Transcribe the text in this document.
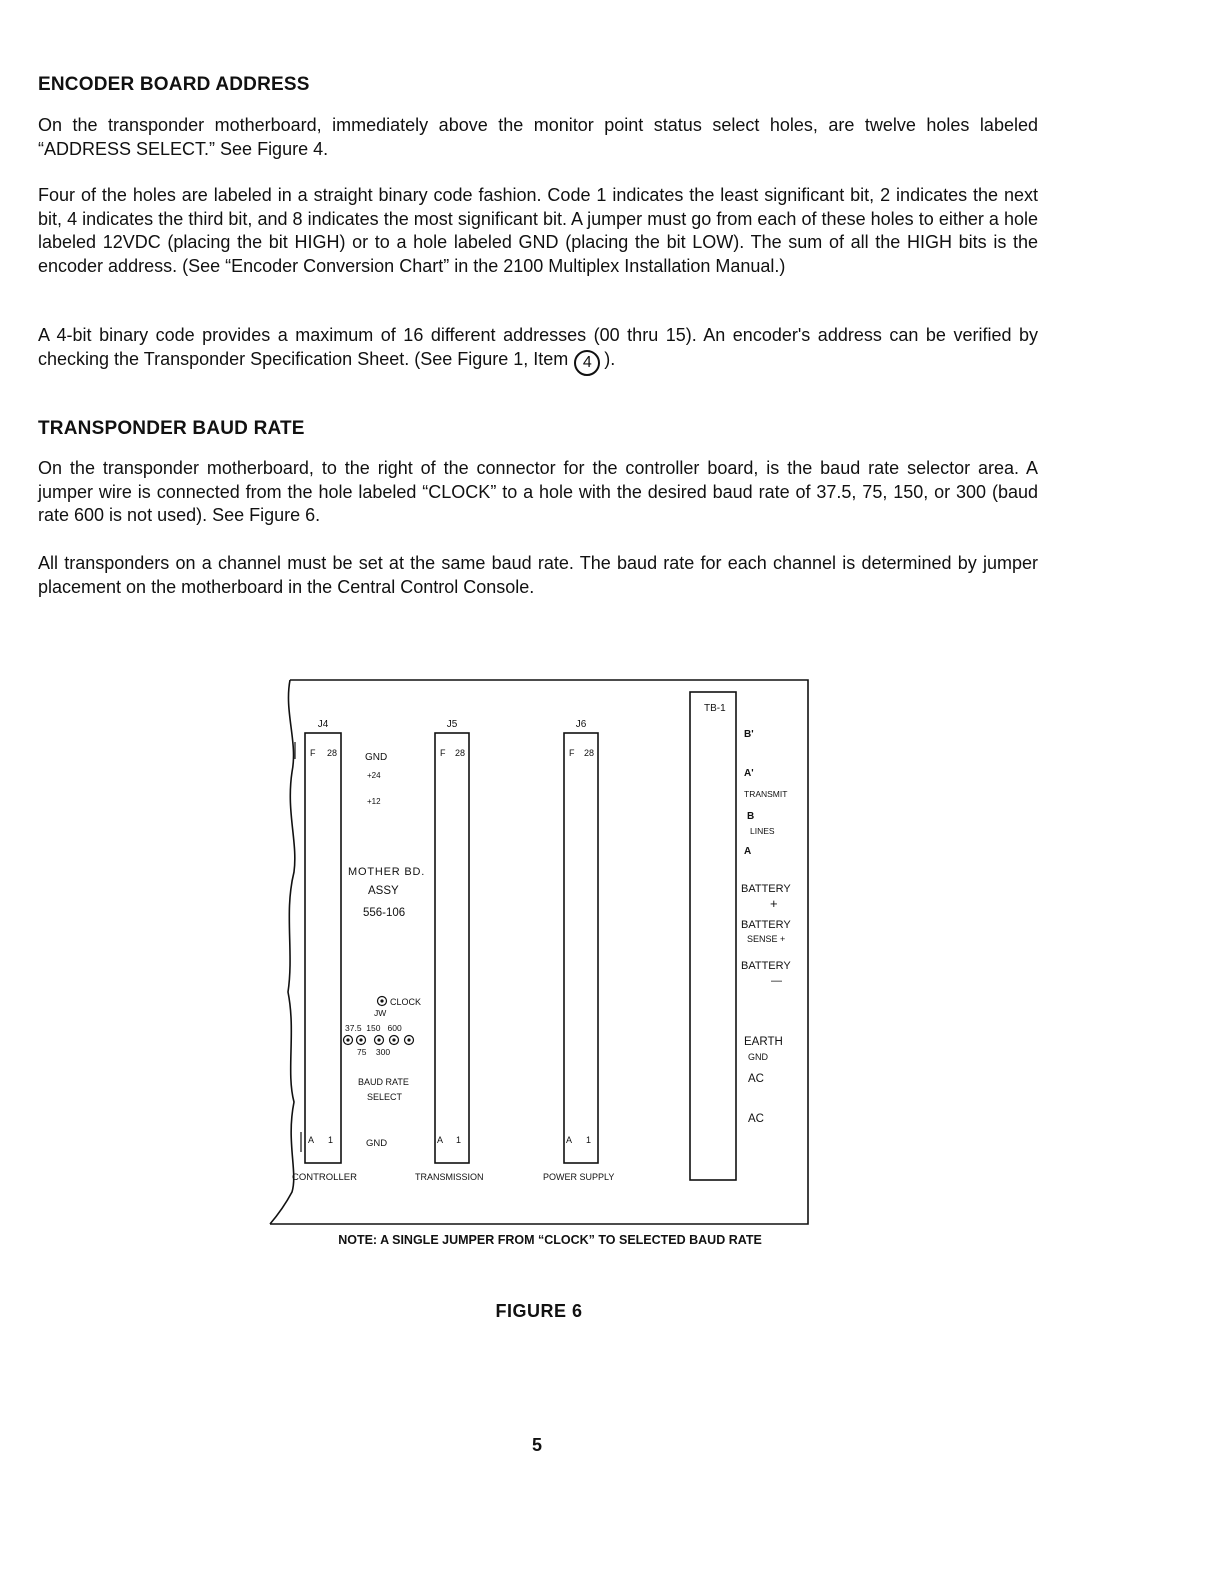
ENCODER BOARD ADDRESS

On the transponder motherboard, immediately above the monitor point status select holes, are twelve holes labeled “ADDRESS SELECT.” See Figure 4.

Four of the holes are labeled in a straight binary code fashion. Code 1 indicates the least significant bit, 2 indicates the next bit, 4 indicates the third bit, and 8 indicates the most significant bit. A jumper must go from each of these holes to either a hole labeled 12VDC (placing the bit HIGH) or to a hole labeled GND (placing the bit LOW). The sum of all the HIGH bits is the encoder address. (See “Encoder Conversion Chart” in the 2100 Multiplex Installation Manual.)

A 4-bit binary code provides a maximum of 16 different addresses (00 thru 15). An encoder's address can be verified by checking the Transponder Specification Sheet. (See Figure 1, Item 4 ).

TRANSPONDER BAUD RATE

On the transponder motherboard, to the right of the connector for the controller board, is the baud rate selector area. A jumper wire is connected from the hole labeled “CLOCK” to a hole with the desired baud rate of 37.5, 75, 150, or 300 (baud rate 600 is not used). See Figure 6.

All transponders on a channel must be set at the same baud rate. The baud rate for each channel is determined by jumper placement on the motherboard in the Central Control Console.

J4	J5	J6
F 28	F 28	F 28
A 1	A 1	A 1
GND
+24
+12
MOTHER BD.
ASSY
556-106
CLOCK
JW
37.5  150   600
75    300
BAUD RATE
SELECT
GND
CONTROLLER	TRANSMISSION	POWER SUPPLY
TB-1
B'
A'
TRANSMIT
B
LINES
A
BATTERY
+
BATTERY
SENSE +
BATTERY
—
EARTH
GND
AC
AC

NOTE: A SINGLE JUMPER FROM “CLOCK” TO SELECTED BAUD RATE

FIGURE 6

5
